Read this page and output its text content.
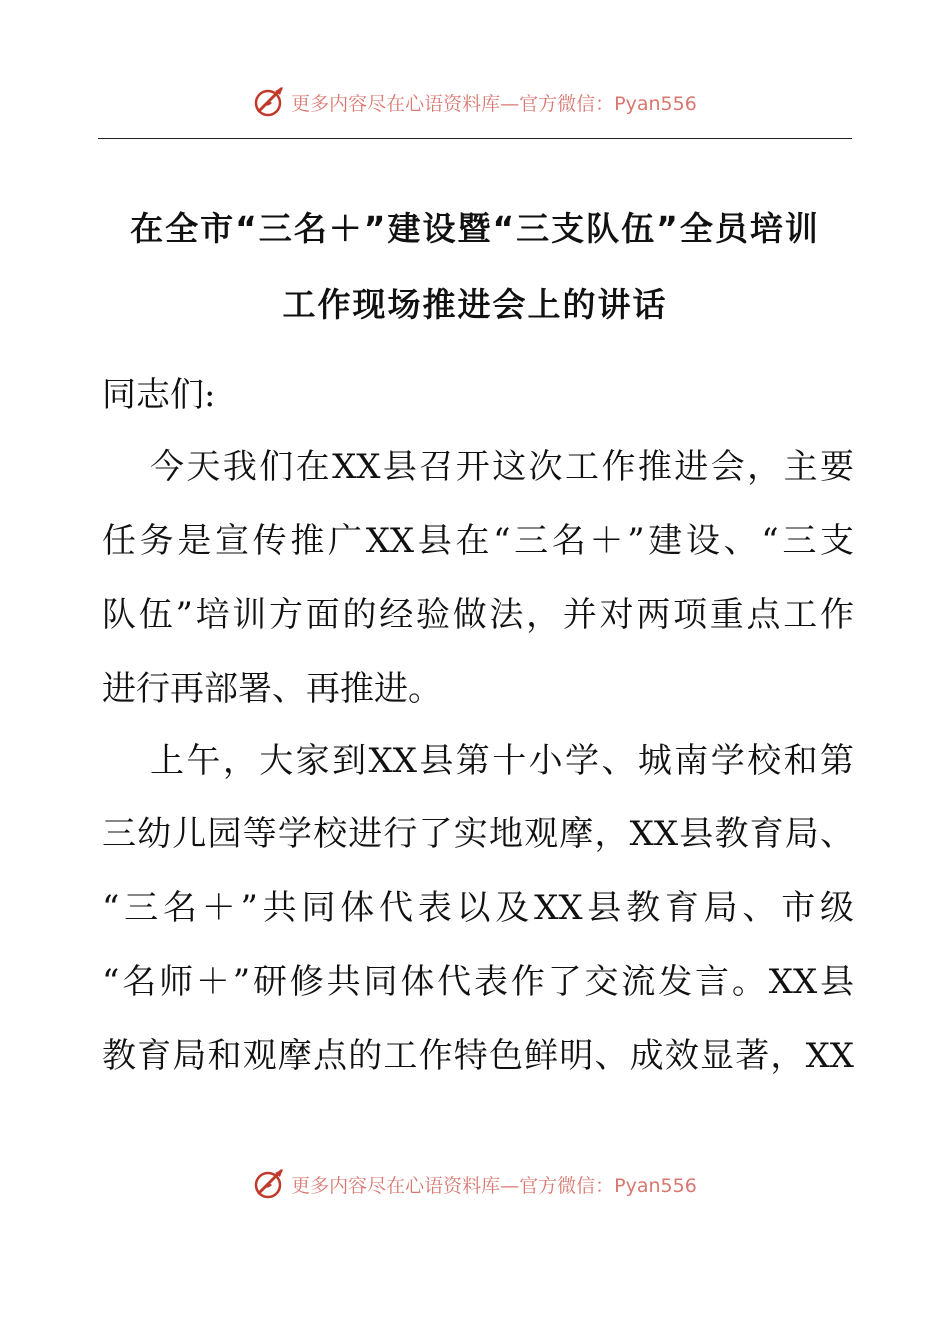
更多内容尽在心语资料库—官方微信：Pyan556
在全市“三名＋”建设暨“三支队伍”全员培训
工作现场推进会上的讲话
同志们:
今天我们在XX县召开这次工作推进会，主要
任务是宣传推广XX县在“三名＋”建设、“三支
队伍”培训方面的经验做法，并对两项重点工作
进行再部署、再推进。
上午，大家到XX县第十小学、城南学校和第
三幼儿园等学校进行了实地观摩，XX县教育局、
“三名＋”共同体代表以及XX县教育局、市级
“名师＋”研修共同体代表作了交流发言。XX县
教育局和观摩点的工作特色鲜明、成效显著，XX
更多内容尽在心语资料库—官方微信：Pyan556
